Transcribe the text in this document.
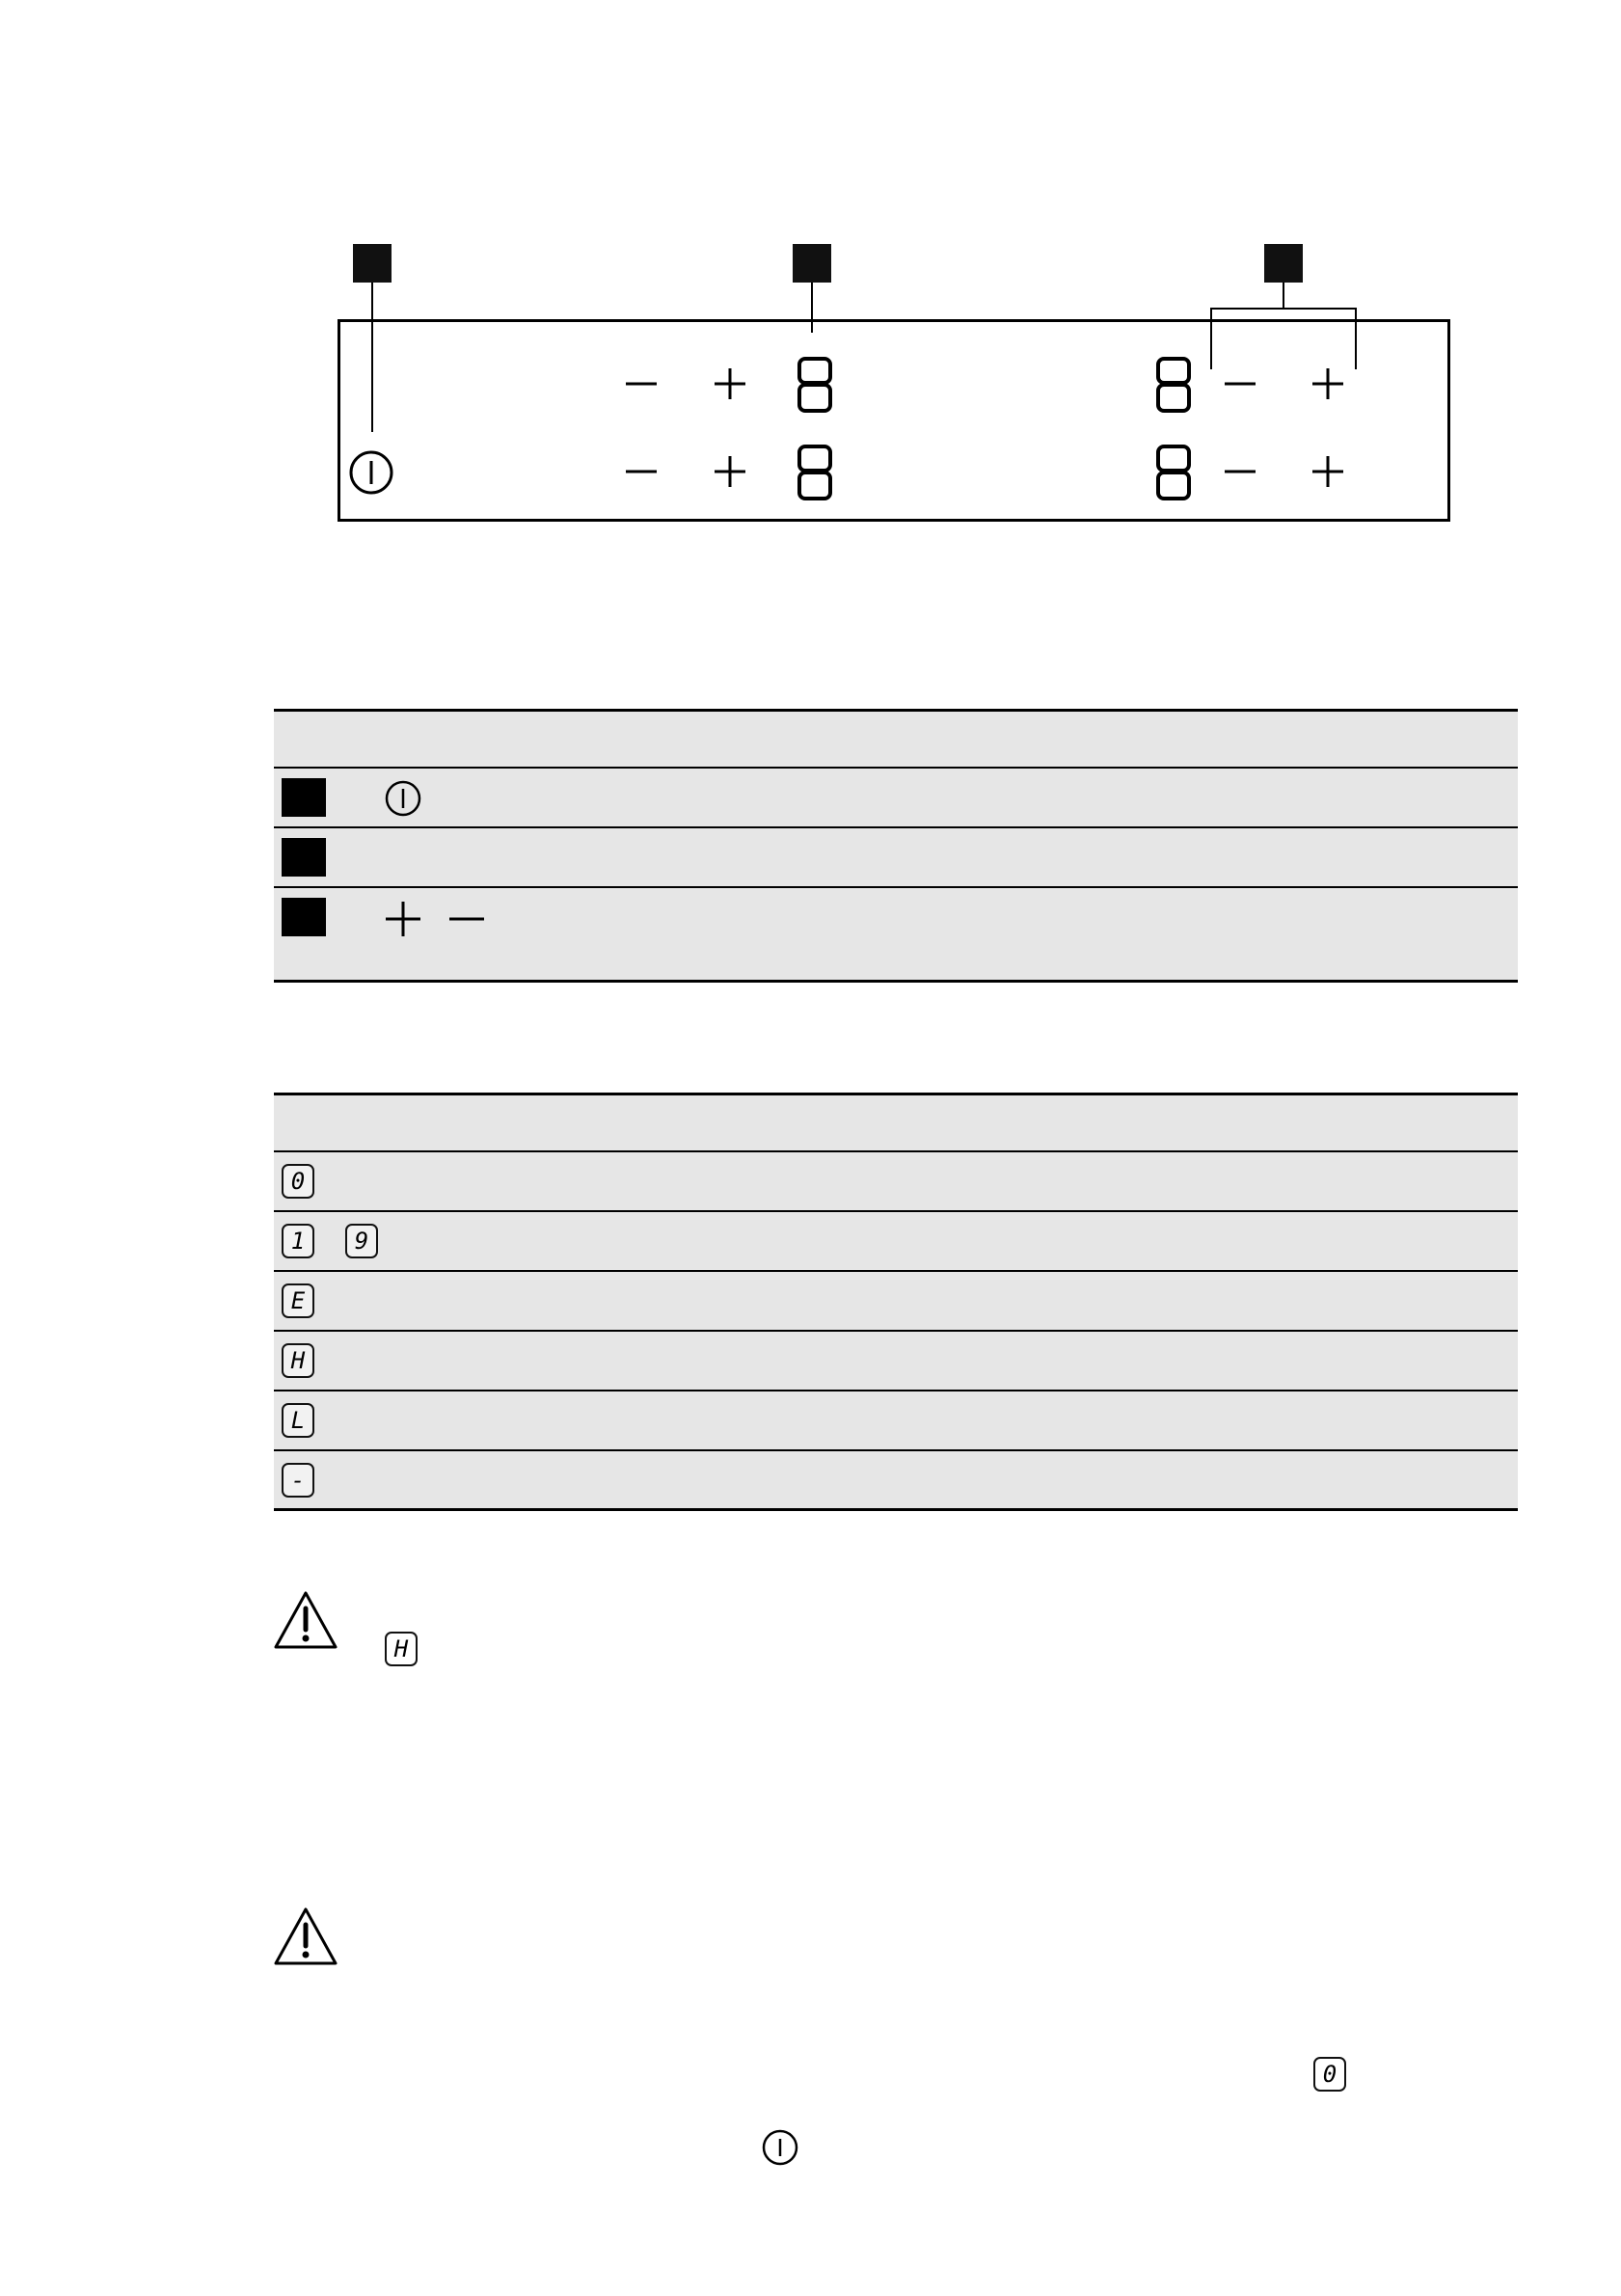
0
1	9
E
H
L
-
H
0
